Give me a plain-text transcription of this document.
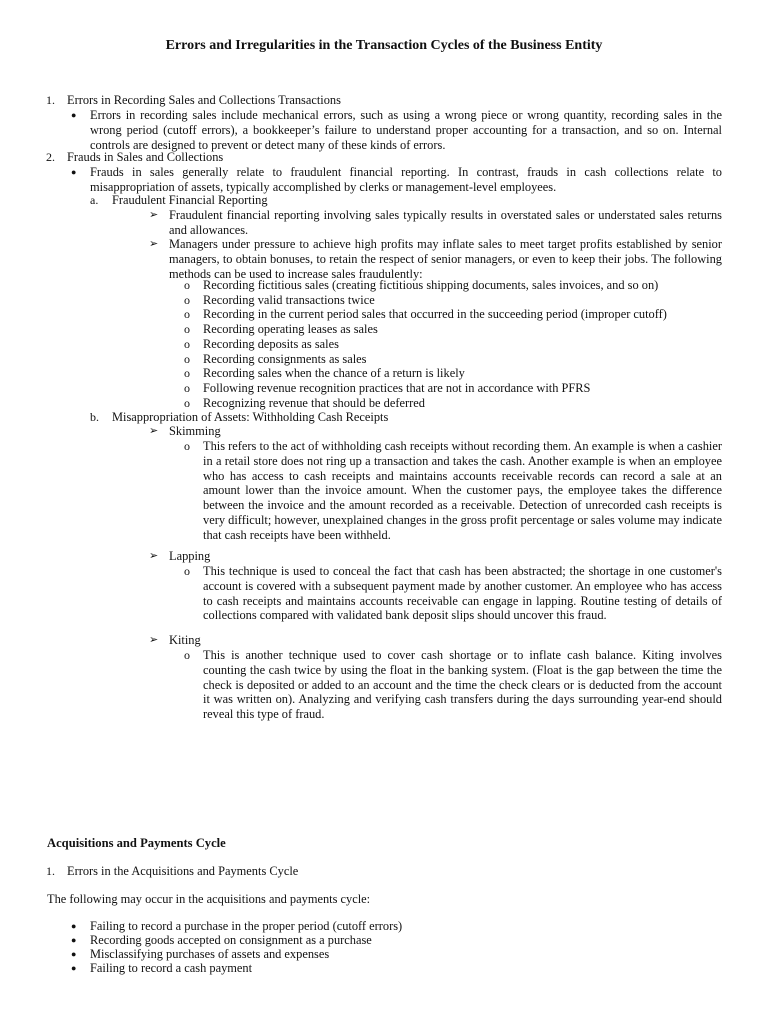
Errors and Irregularities in the Transaction Cycles of the Business Entity
1. Errors in Recording Sales and Collections Transactions
● Errors in recording sales include mechanical errors, such as using a wrong piece or wrong quantity, recording sales in the wrong period (cutoff errors), a bookkeeper’s failure to understand proper accounting for a transaction, and so on. Internal controls are designed to prevent or detect many of these kinds of errors.
2. Frauds in Sales and Collections
● Frauds in sales generally relate to fraudulent financial reporting. In contrast, frauds in cash collections relate to misappropriation of assets, typically accomplished by clerks or management-level employees.
a. Fraudulent Financial Reporting
➢ Fraudulent financial reporting involving sales typically results in overstated sales or understated sales returns and allowances.
➢ Managers under pressure to achieve high profits may inflate sales to meet target profits established by senior managers, to obtain bonuses, to retain the respect of senior managers, or even to keep their jobs. The following methods can be used to increase sales fraudulently:
o Recording fictitious sales (creating fictitious shipping documents, sales invoices, and so on)
o Recording valid transactions twice
o Recording in the current period sales that occurred in the succeeding period (improper cutoff)
o Recording operating leases as sales
o Recording deposits as sales
o Recording consignments as sales
o Recording sales when the chance of a return is likely
o Following revenue recognition practices that are not in accordance with PFRS
o Recognizing revenue that should be deferred
b. Misappropriation of Assets: Withholding Cash Receipts
➢ Skimming
o This refers to the act of withholding cash receipts without recording them. An example is when a cashier in a retail store does not ring up a transaction and takes the cash. Another example is when an employee who has access to cash receipts and maintains accounts receivable records can record a sale at an amount lower than the invoice amount. When the customer pays, the employee takes the difference between the invoice and the amount recorded as a receivable. Detection of unrecorded cash receipts is very difficult; however, unexplained changes in the gross profit percentage or sales volume may indicate that cash receipts have been withheld.
➢ Lapping
o This technique is used to conceal the fact that cash has been abstracted; the shortage in one customer's account is covered with a subsequent payment made by another customer. An employee who has access to cash receipts and maintains accounts receivable can engage in lapping. Routine testing of details of collections compared with validated bank deposit slips should uncover this fraud.
➢ Kiting
o This is another technique used to cover cash shortage or to inflate cash balance. Kiting involves counting the cash twice by using the float in the banking system. (Float is the gap between the time the check is deposited or added to an account and the time the check clears or is deducted from the account it was written on). Analyzing and verifying cash transfers during the days surrounding year-end should reveal this type of fraud.
Acquisitions and Payments Cycle
1. Errors in the Acquisitions and Payments Cycle
The following may occur in the acquisitions and payments cycle:
● Failing to record a purchase in the proper period (cutoff errors)
● Recording goods accepted on consignment as a purchase
● Misclassifying purchases of assets and expenses
● Failing to record a cash payment
